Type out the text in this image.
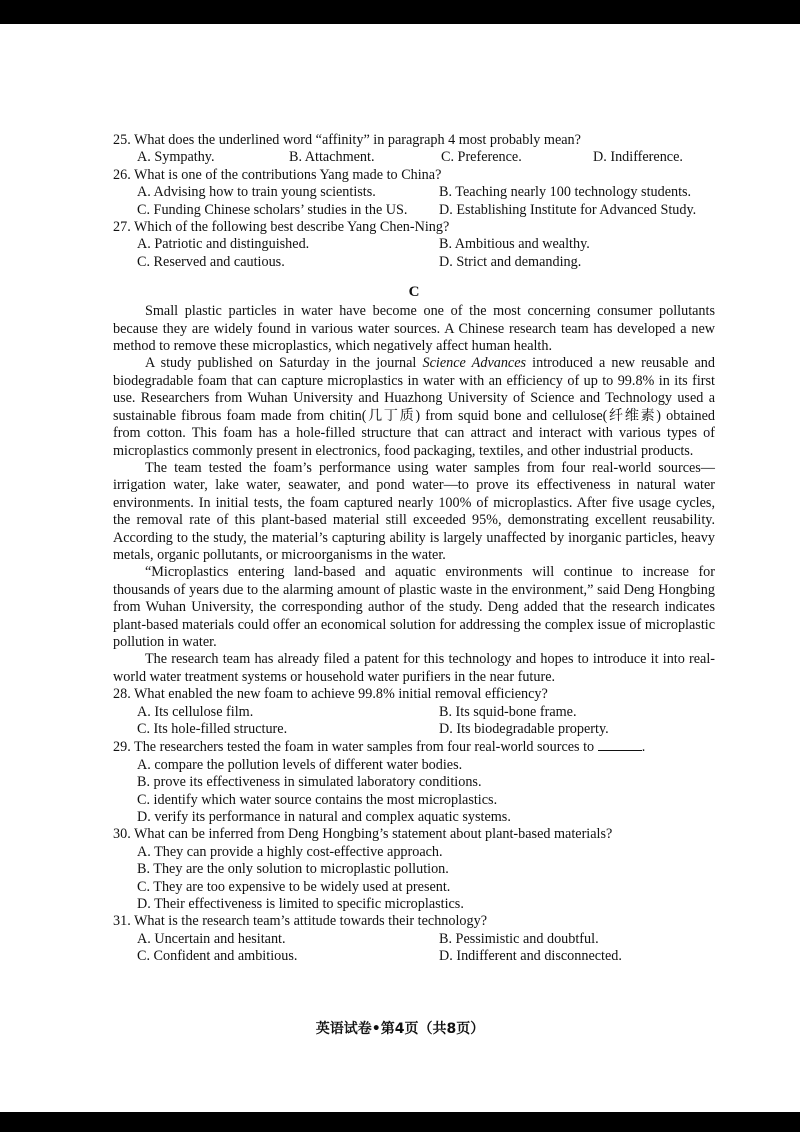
25. What does the underlined word “affinity” in paragraph 4 most probably mean?
A. Sympathy.	B. Attachment.	C. Preference.	D. Indifference.
26. What is one of the contributions Yang made to China?
A. Advising how to train young scientists.	B. Teaching nearly 100 technology students.
C. Funding Chinese scholars’ studies in the US.	D. Establishing Institute for Advanced Study.
27. Which of the following best describe Yang Chen-Ning?
A. Patriotic and distinguished.	B. Ambitious and wealthy.
C. Reserved and cautious.	D. Strict and demanding.
C

Small plastic particles in water have become one of the most concerning consumer pollutants because they are widely found in various water sources. A Chinese research team has developed a new method to remove these microplastics, which negatively affect human health.

A study published on Saturday in the journal Science Advances introduced a new reusable and biodegradable foam that can capture microplastics in water with an efficiency of up to 99.8% in its first use. Researchers from Wuhan University and Huazhong University of Science and Technology used a sustainable fibrous foam made from chitin(几丁质) from squid bone and cellulose(纤维素) obtained from cotton. This foam has a hole-filled structure that can attract and interact with various types of microplastics commonly present in electronics, food packaging, textiles, and other industrial products.

The team tested the foam’s performance using water samples from four real-world sources—irrigation water, lake water, seawater, and pond water—to prove its effectiveness in natural water environments. In initial tests, the foam captured nearly 100% of microplastics. After five usage cycles, the removal rate of this plant-based material still exceeded 95%, demonstrating excellent reusability. According to the study, the material’s capturing ability is largely unaffected by inorganic particles, heavy metals, organic pollutants, or microorganisms in the water.

“Microplastics entering land-based and aquatic environments will continue to increase for thousands of years due to the alarming amount of plastic waste in the environment,” said Deng Hongbing from Wuhan University, the corresponding author of the study. Deng added that the research indicates plant-based materials could offer an economical solution for addressing the complex issue of microplastic pollution in water.

The research team has already filed a patent for this technology and hopes to introduce it into real-world water treatment systems or household water purifiers in the near future.

28. What enabled the new foam to achieve 99.8% initial removal efficiency?
A. Its cellulose film.	B. Its squid-bone frame.
C. Its hole-filled structure.	D. Its biodegradable property.
29. The researchers tested the foam in water samples from four real-world sources to	.
A. compare the pollution levels of different water bodies.
B. prove its effectiveness in simulated laboratory conditions.
C. identify which water source contains the most microplastics.
D. verify its performance in natural and complex aquatic systems.
30. What can be inferred from Deng Hongbing’s statement about plant-based materials?
A. They can provide a highly cost-effective approach.
B. They are the only solution to microplastic pollution.
C. They are too expensive to be widely used at present.
D. Their effectiveness is limited to specific microplastics.
31. What is the research team’s attitude towards their technology?
A. Uncertain and hesitant.	B. Pessimistic and doubtful.
C. Confident and ambitious.	D. Indifferent and disconnected.
英语试卷•第4页（共8页）
